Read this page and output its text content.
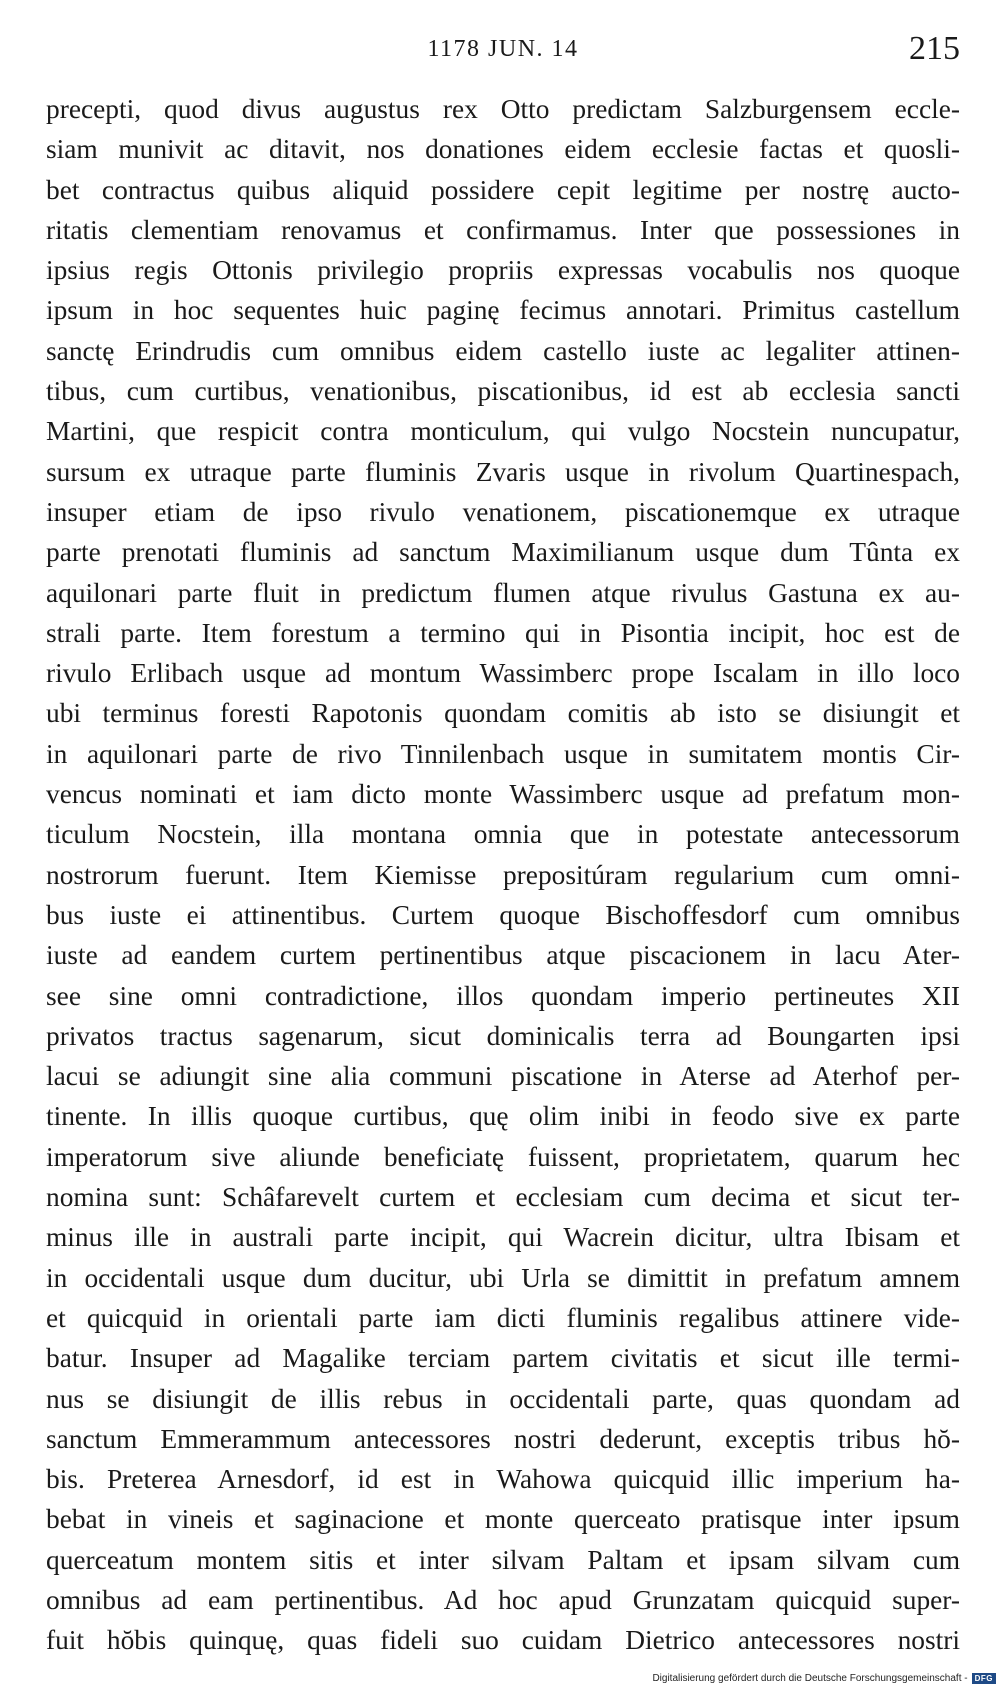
1178 JUN. 14	215
precepti, quod divus augustus rex Otto predictam Salzburgensem eccle-
siam munivit ac ditavit, nos donationes eidem ecclesie factas et quosli-
bet contractus quibus aliquid possidere cepit legitime per nostrę aucto-
ritatis clementiam renovamus et confirmamus. Inter que possessiones in
ipsius regis Ottonis privilegio propriis expressas vocabulis nos quoque
ipsum in hoc sequentes huic paginę fecimus annotari. Primitus castellum
sanctę Erindrudis cum omnibus eidem castello iuste ac legaliter attinen-
tibus, cum curtibus, venationibus, piscationibus, id est ab ecclesia sancti
Martini, que respicit contra monticulum, qui vulgo Nocstein nuncupatur,
sursum ex utraque parte fluminis Zvaris usque in rivolum Quartinespach,
insuper etiam de ipso rivulo venationem, piscationemque ex utraque
parte prenotati fluminis ad sanctum Maximilianum usque dum Tûnta ex
aquilonari parte fluit in predictum flumen atque rivulus Gastuna ex au-
strali parte. Item forestum a termino qui in Pisontia incipit, hoc est de
rivulo Erlibach usque ad montum Wassimberc prope Iscalam in illo loco
ubi terminus foresti Rapotonis quondam comitis ab isto se disiungit et
in aquilonari parte de rivo Tinnilenbach usque in sumitatem montis Cir-
vencus nominati et iam dicto monte Wassimberc usque ad prefatum mon-
ticulum Nocstein, illa montana omnia que in potestate antecessorum
nostrorum fuerunt. Item Kiemisse prepositúram regularium cum omni-
bus iuste ei attinentibus. Curtem quoque Bischoffesdorf cum omnibus
iuste ad eandem curtem pertinentibus atque piscacionem in lacu Ater-
see sine omni contradictione, illos quondam imperio pertineutes XII
privatos tractus sagenarum, sicut dominicalis terra ad Boungarten ipsi
lacui se adiungit sine alia communi piscatione in Aterse ad Aterhof per-
tinente. In illis quoque curtibus, quę olim inibi in feodo sive ex parte
imperatorum sive aliunde beneficiatę fuissent, proprietatem, quarum hec
nomina sunt: Schâfarevelt curtem et ecclesiam cum decima et sicut ter-
minus ille in australi parte incipit, qui Wacrein dicitur, ultra Ibisam et
in occidentali usque dum ducitur, ubi Urla se dimittit in prefatum amnem
et quicquid in orientali parte iam dicti fluminis regalibus attinere vide-
batur. Insuper ad Magalike terciam partem civitatis et sicut ille termi-
nus se disiungit de illis rebus in occidentali parte, quas quondam ad
sanctum Emmerammum antecessores nostri dederunt, exceptis tribus hŏ-
bis. Preterea Arnesdorf, id est in Wahowa quicquid illic imperium ha-
bebat in vineis et saginacione et monte querceato pratisque inter ipsum
querceatum montem sitis et inter silvam Paltam et ipsam silvam cum
omnibus ad eam pertinentibus. Ad hoc apud Grunzatam quicquid super-
fuit hŏbis quinquę, quas fideli suo cuidam Dietrico antecessores nostri
Digitalisierung gefördert durch die Deutsche Forschungsgemeinschaft - DFG
